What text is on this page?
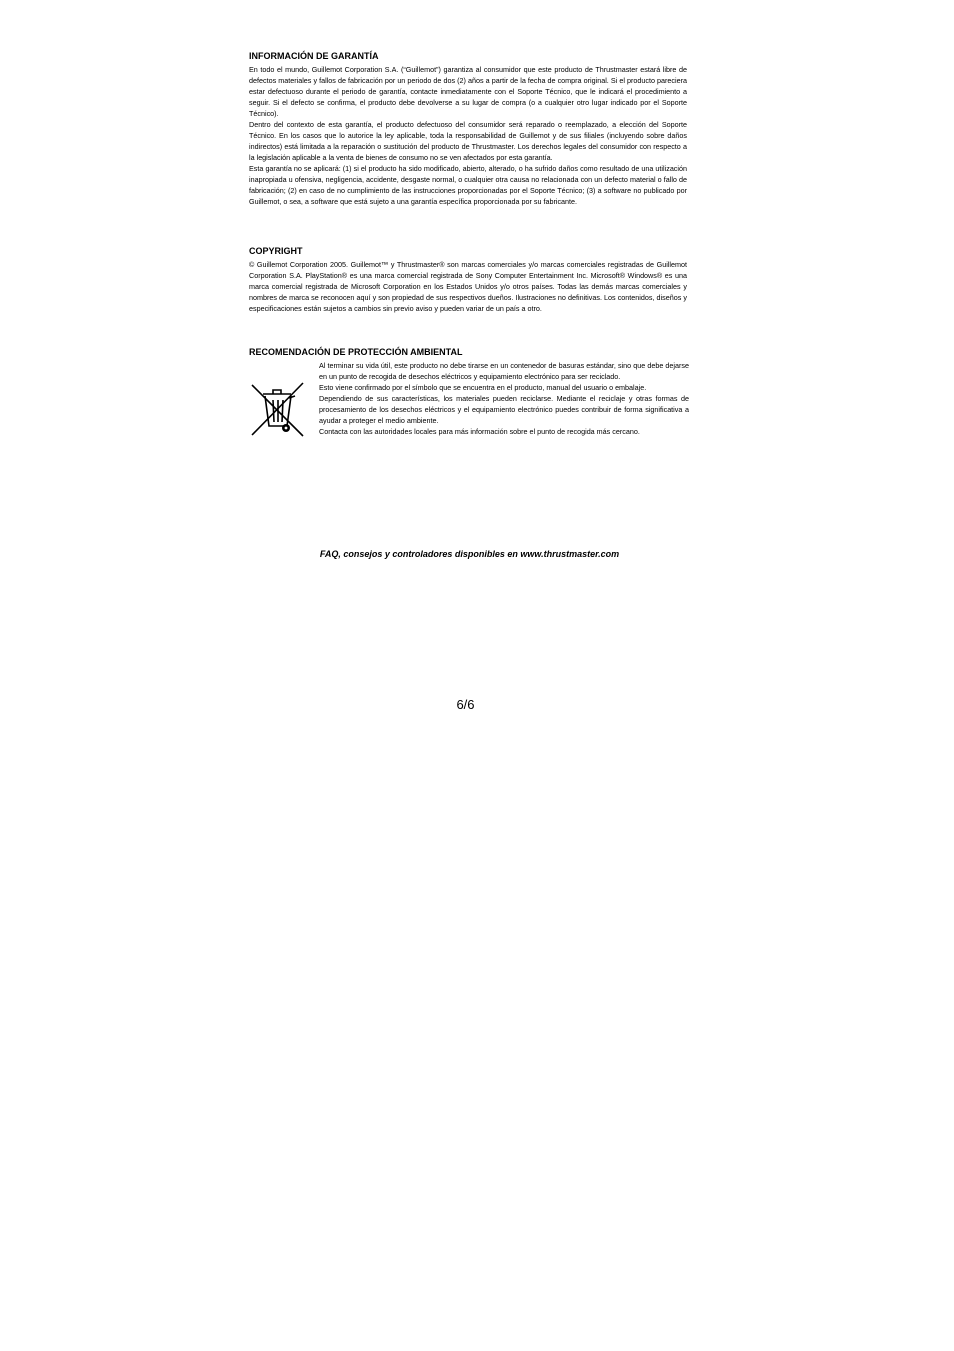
INFORMACIÓN DE GARANTÍA

En todo el mundo, Guillemot Corporation S.A. (“Guillemot”) garantiza al consumidor que este producto de Thrustmaster estará libre de defectos materiales y fallos de fabricación por un periodo de dos (2) años a partir de la fecha de compra original. Si el producto pareciera estar defectuoso durante el periodo de garantía, contacte inmediatamente con el Soporte Técnico, que le indicará el procedimiento a seguir. Si el defecto se confirma, el producto debe devolverse a su lugar de compra (o a cualquier otro lugar indicado por el Soporte Técnico).

Dentro del contexto de esta garantía, el producto defectuoso del consumidor será reparado o reemplazado, a elección del Soporte Técnico. En los casos que lo autorice la ley aplicable, toda la responsabilidad de Guillemot y de sus filiales (incluyendo sobre daños indirectos) está limitada a la reparación o sustitución del producto de Thrustmaster. Los derechos legales del consumidor con respecto a la legislación aplicable a la venta de bienes de consumo no se ven afectados por esta garantía.

Esta garantía no se aplicará: (1) si el producto ha sido modificado, abierto, alterado, o ha sufrido daños como resultado de una utilización inapropiada u ofensiva, negligencia, accidente, desgaste normal, o cualquier otra causa no relacionada con un defecto material o fallo de fabricación; (2) en caso de no cumplimiento de las instrucciones proporcionadas por el Soporte Técnico; (3) a software no publicado por Guillemot, o sea, a software que está sujeto a una garantía específica proporcionada por su fabricante.

COPYRIGHT

© Guillemot Corporation 2005. Guillemot™ y Thrustmaster® son marcas comerciales y/o marcas comerciales registradas de Guillemot Corporation S.A. PlayStation® es una marca comercial registrada de Sony Computer Entertainment Inc. Microsoft® Windows® es una marca comercial registrada de Microsoft Corporation en los Estados Unidos y/o otros países. Todas las demás marcas comerciales y nombres de marca se reconocen aquí y son propiedad de sus respectivos dueños. Ilustraciones no definitivas. Los contenidos, diseños y especificaciones están sujetos a cambios sin previo aviso y pueden variar de un país a otro.

RECOMENDACIÓN DE PROTECCIÓN AMBIENTAL

Al terminar su vida útil, este producto no debe tirarse en un contenedor de basuras estándar, sino que debe dejarse en un punto de recogida de desechos eléctricos y equipamiento electrónico para ser reciclado.

Esto viene confirmado por el símbolo que se encuentra en el producto, manual del usuario o embalaje.

Dependiendo de sus características, los materiales pueden reciclarse. Mediante el reciclaje y otras formas de procesamiento de los desechos eléctricos y el equipamiento electrónico puedes contribuir de forma significativa a ayudar a proteger el medio ambiente.

Contacta con las autoridades locales para más información sobre el punto de recogida más cercano.

FAQ, consejos y controladores disponibles en www.thrustmaster.com
6/6
